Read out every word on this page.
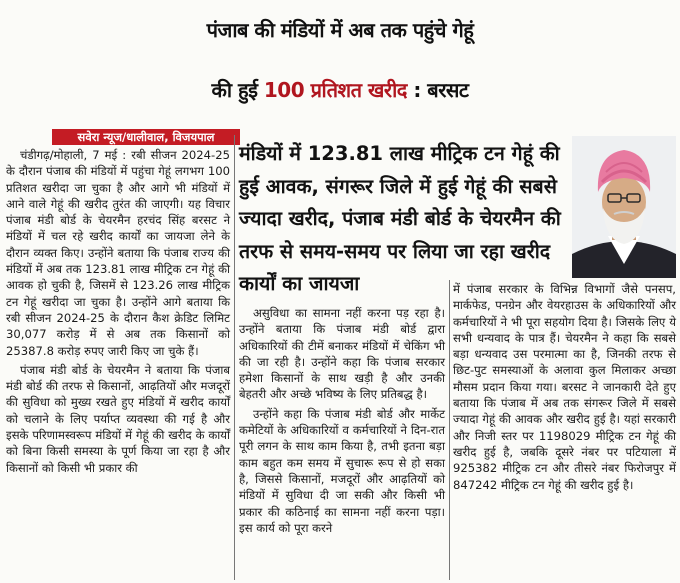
पंजाब की मंडियों में अब तक पहुंचे गेहूं
की हुई 100 प्रतिशत खरीद : बरसट
सवेरा न्यूज/धालीवाल, विजयपाल

चंडीगढ़/मोहाली, 7 मई : रबी सीजन 2024-25 के दौरान पंजाब की मंडियों में पहुंचा गेहूं लगभग 100 प्रतिशत खरीदा जा चुका है और आगे भी मंडियों में आने वाले गेहूं की खरीद तुरंत की जाएगी। यह विचार पंजाब मंडी बोर्ड के चेयरमैन हरचंद सिंह बरसट ने मंडियों में चल रहे खरीद कार्यों का जायजा लेने के दौरान व्यक्त किए। उन्होंने बताया कि पंजाब राज्य की मंडियों में अब तक 123.81 लाख मीट्रिक टन गेहूं की आवक हो चुकी है, जिसमें से 123.26 लाख मीट्रिक टन गेहूं खरीदा जा चुका है। उन्होंने आगे बताया कि रबी सीजन 2024-25 के दौरान कैश क्रेडिट लिमिट 30,077 करोड़ में से अब तक किसानों को 25387.8 करोड़ रुपए जारी किए जा चुके हैं।

पंजाब मंडी बोर्ड के चेयरमैन ने बताया कि पंजाब मंडी बोर्ड की तरफ से किसानों, आढ़तियों और मजदूरों की सुविधा को मुख्य रखते हुए मंडियों में खरीद कार्यों को चलाने के लिए पर्याप्त व्यवस्था की गई है और इसके परिणामस्वरूप मंडियों में गेहूं की खरीद के कार्यों को बिना किसी समस्या के पूर्ण किया जा रहा है और किसानों को किसी भी प्रकार की

मंडियों में 123.81 लाख मीट्रिक टन गेहूं की हुई आवक, संगरूर जिले में हुई गेहूं की सबसे ज्यादा खरीद, पंजाब मंडी बोर्ड के चेयरमैन की तरफ से समय-समय पर लिया जा रहा खरीद कार्यों का जायजा

असुविधा का सामना नहीं करना पड़ रहा है। उन्होंने बताया कि पंजाब मंडी बोर्ड द्वारा अधिकारियों की टीमें बनाकर मंडियों में चेकिंग भी की जा रही है। उन्होंने कहा कि पंजाब सरकार हमेशा किसानों के साथ खड़ी है और उनकी बेहतरी और अच्छे भविष्य के लिए प्रतिबद्ध है।

उन्होंने कहा कि पंजाब मंडी बोर्ड और मार्केट कमेटियों के अधिकारियों व कर्मचारियों ने दिन-रात पूरी लगन के साथ काम किया है, तभी इतना बड़ा काम बहुत कम समय में सुचारू रूप से हो सका है, जिससे किसानों, मजदूरों और आढ़तियों को मंडियों में सुविधा दी जा सकी और किसी भी प्रकार की कठिनाई का सामना नहीं करना पड़ा। इस कार्य को पूरा करने

में पंजाब सरकार के विभिन्न विभागों जैसे पनसप, मार्कफेड, पनग्रेन और वेयरहाउस के अधिकारियों और कर्मचारियों ने भी पूरा सहयोग दिया है। जिसके लिए ये सभी धन्यवाद के पात्र हैं। चेयरमैन ने कहा कि सबसे बड़ा धन्यवाद उस परमात्मा का है, जिनकी तरफ से छिट-पुट समस्याओं के अलावा कुल मिलाकर अच्छा मौसम प्रदान किया गया। बरसट ने जानकारी देते हुए बताया कि पंजाब में अब तक संगरूर जिले में सबसे ज्यादा गेहूं की आवक और खरीद हुई है। यहां सरकारी और निजी स्तर पर 1198029 मीट्रिक टन गेहूं की खरीद हुई है, जबकि दूसरे नंबर पर पटियाला में 925382 मीट्रिक टन और तीसरे नंबर फिरोजपुर में 847242 मीट्रिक टन गेहूं की खरीद हुई है।
